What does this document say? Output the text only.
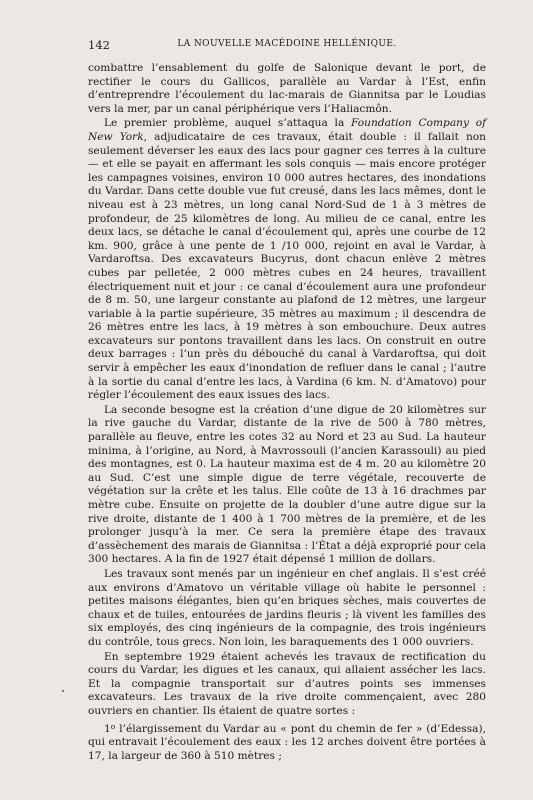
142	LA NOUVELLE MACÉDOINE HELLÉNIQUE.

combattre l’ensablement du golfe de Salonique devant le port, de rectifier le cours du Gallicos, parallèle au Vardar à l’Est, enfin d’entreprendre l’écoulement du lac-marais de Giannitsa par le Loudias vers la mer, par un canal périphérique vers l’Haliacmôn.

Le premier problème, auquel s’attaqua la Foundation Company of New York, adjudicataire de ces travaux, était double : il fallait non seulement déverser les eaux des lacs pour gagner ces terres à la culture — et elle se payait en affermant les sols conquis — mais encore protéger les campagnes voisines, environ 10 000 autres hectares, des inondations du Vardar. Dans cette double vue fut creusé, dans les lacs mêmes, dont le niveau est à 23 mètres, un long canal Nord-Sud de 1 à 3 mètres de profondeur, de 25 kilomètres de long. Au milieu de ce canal, entre les deux lacs, se détache le canal d’écoulement qui, après une courbe de 12 km. 900, grâce à une pente de 1 /10 000, rejoint en aval le Vardar, à Vardaroftsa. Des excavateurs Bucyrus, dont chacun enlève 2 mètres cubes par pelletée, 2 000 mètres cubes en 24 heures, travaillent électriquement nuit et jour : ce canal d’écoulement aura une profondeur de 8 m. 50, une largeur constante au plafond de 12 mètres, une largeur variable à la partie supérieure, 35 mètres au maximum ; il descendra de 26 mètres entre les lacs, à 19 mètres à son embouchure. Deux autres excavateurs sur pontons travaillent dans les lacs. On construit en outre deux barrages : l’un près du débouché du canal à Vardaroftsa, qui doit servir à empêcher les eaux d’inondation de refluer dans le canal ; l’autre à la sortie du canal d’entre les lacs, à Vardina (6 km. N. d’Amatovo) pour régler l’écoulement des eaux issues des lacs.

La seconde besogne est la création d’une digue de 20 kilomètres sur la rive gauche du Vardar, distante de la rive de 500 à 780 mètres, parallèle au fleuve, entre les cotes 32 au Nord et 23 au Sud. La hauteur minima, à l’origine, au Nord, à Mavrossouli (l’ancien Karassouli) au pied des montagnes, est 0. La hauteur maxima est de 4 m. 20 au kilomètre 20 au Sud. C’est une simple digue de terre végétale, recouverte de végétation sur la crête et les talus. Elle coûte de 13 à 16 drachmes par mètre cube. Ensuite on projette de la doubler d’une autre digue sur la rive droite, distante de 1 400 à 1 700 mètres de la première, et de les prolonger jusqu’à la mer. Ce sera la première étape des travaux d’assèchement des marais de Giannitsa : l’État a déjà exproprié pour cela 300 hectares. A la fin de 1927 était dépensé 1 million de dollars.

Les travaux sont menés par un ingénieur en chef anglais. Il s’est créé aux environs d’Amatovo un véritable village où habite le personnel : petites maisons élégantes, bien qu’en briques sèches, mais couvertes de chaux et de tuiles, entourées de jardins fleuris ; là vivent les familles des six employés, des cinq ingénieurs de la compagnie, des trois ingénieurs du contrôle, tous grecs. Non loin, les baraquements des 1 000 ouvriers.

En septembre 1929 étaient achevés les travaux de rectification du cours du Vardar, les digues et les canaux, qui allaient assécher les lacs. Et la compagnie transportait sur d’autres points ses immenses excavateurs. Les travaux de la rive droite commençaient, avec 280 ouvriers en chantier. Ils étaient de quatre sortes :

1$^o$ l’élargissement du Vardar au « pont du chemin de fer » (d’Edessa), qui entravait l’écoulement des eaux : les 12 arches doivent être portées à 17, la largeur de 360 à 510 mètres ;
